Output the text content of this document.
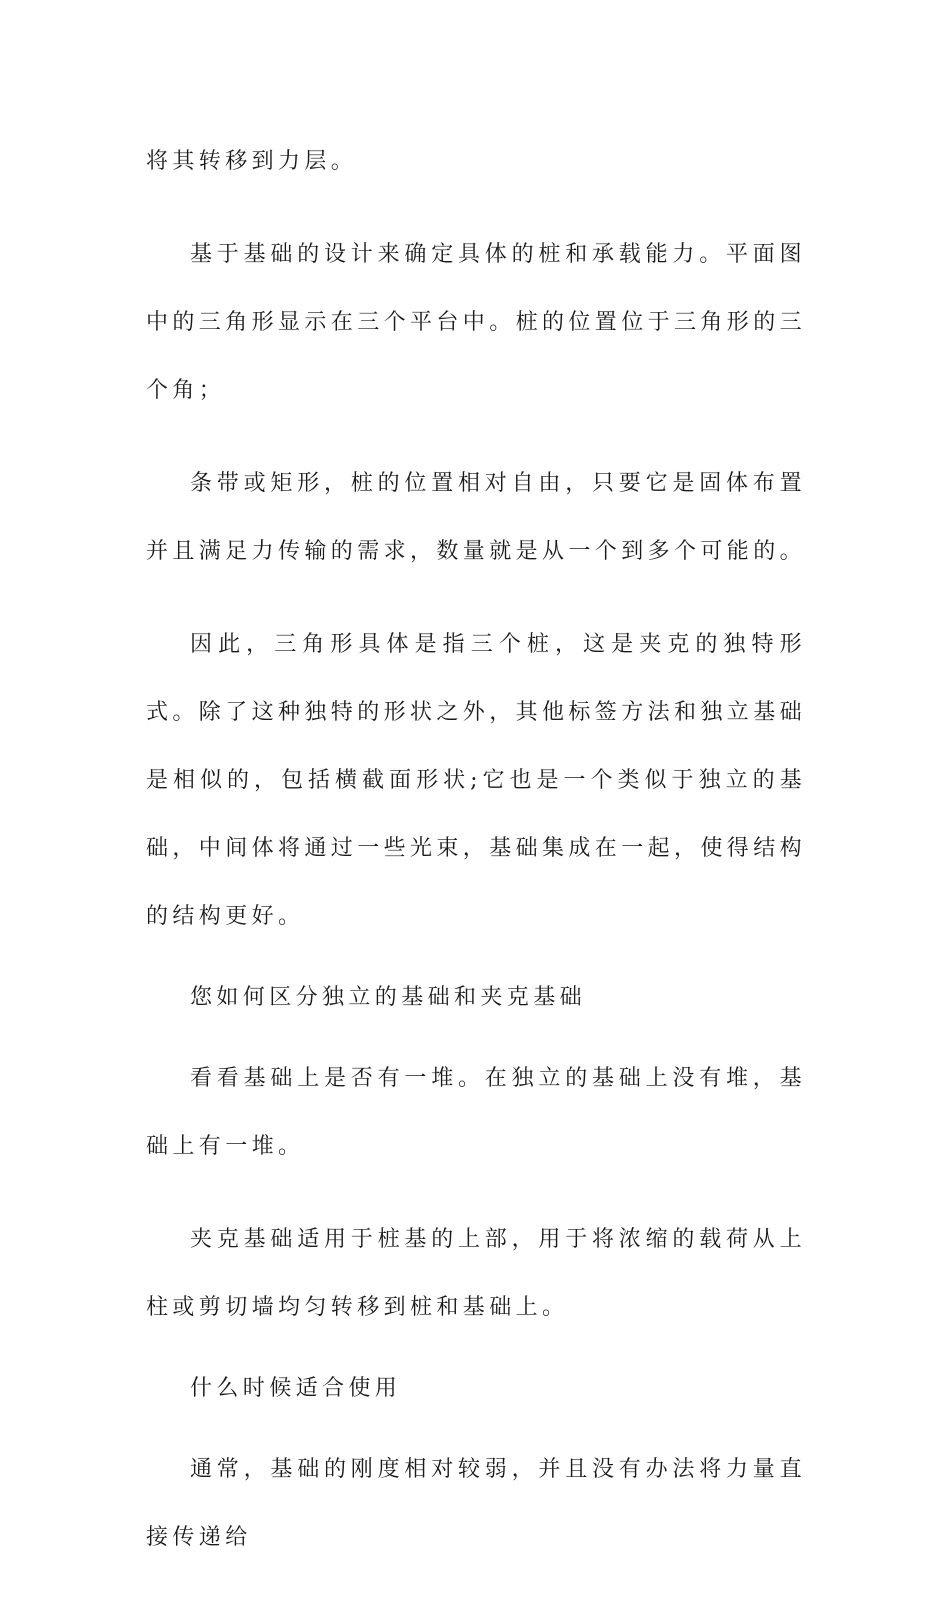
将其转移到力层。

基于基础的设计来确定具体的桩和承载能力。平面图中的三角形显示在三个平台中。桩的位置位于三角形的三个角；

条带或矩形，桩的位置相对自由，只要它是固体布置并且满足力传输的需求，数量就是从一个到多个可能的。

因此，三角形具体是指三个桩，这是夹克的独特形式。除了这种独特的形状之外，其他标签方法和独立基础是相似的，包括横截面形状;它也是一个类似于独立的基础，中间体将通过一些光束，基础集成在一起，使得结构的结构更好。

您如何区分独立的基础和夹克基础

看看基础上是否有一堆。在独立的基础上没有堆，基础上有一堆。

夹克基础适用于桩基的上部，用于将浓缩的载荷从上柱或剪切墙均匀转移到桩和基础上。

什么时候适合使用

通常，基础的刚度相对较弱，并且没有办法将力量直接传递给
